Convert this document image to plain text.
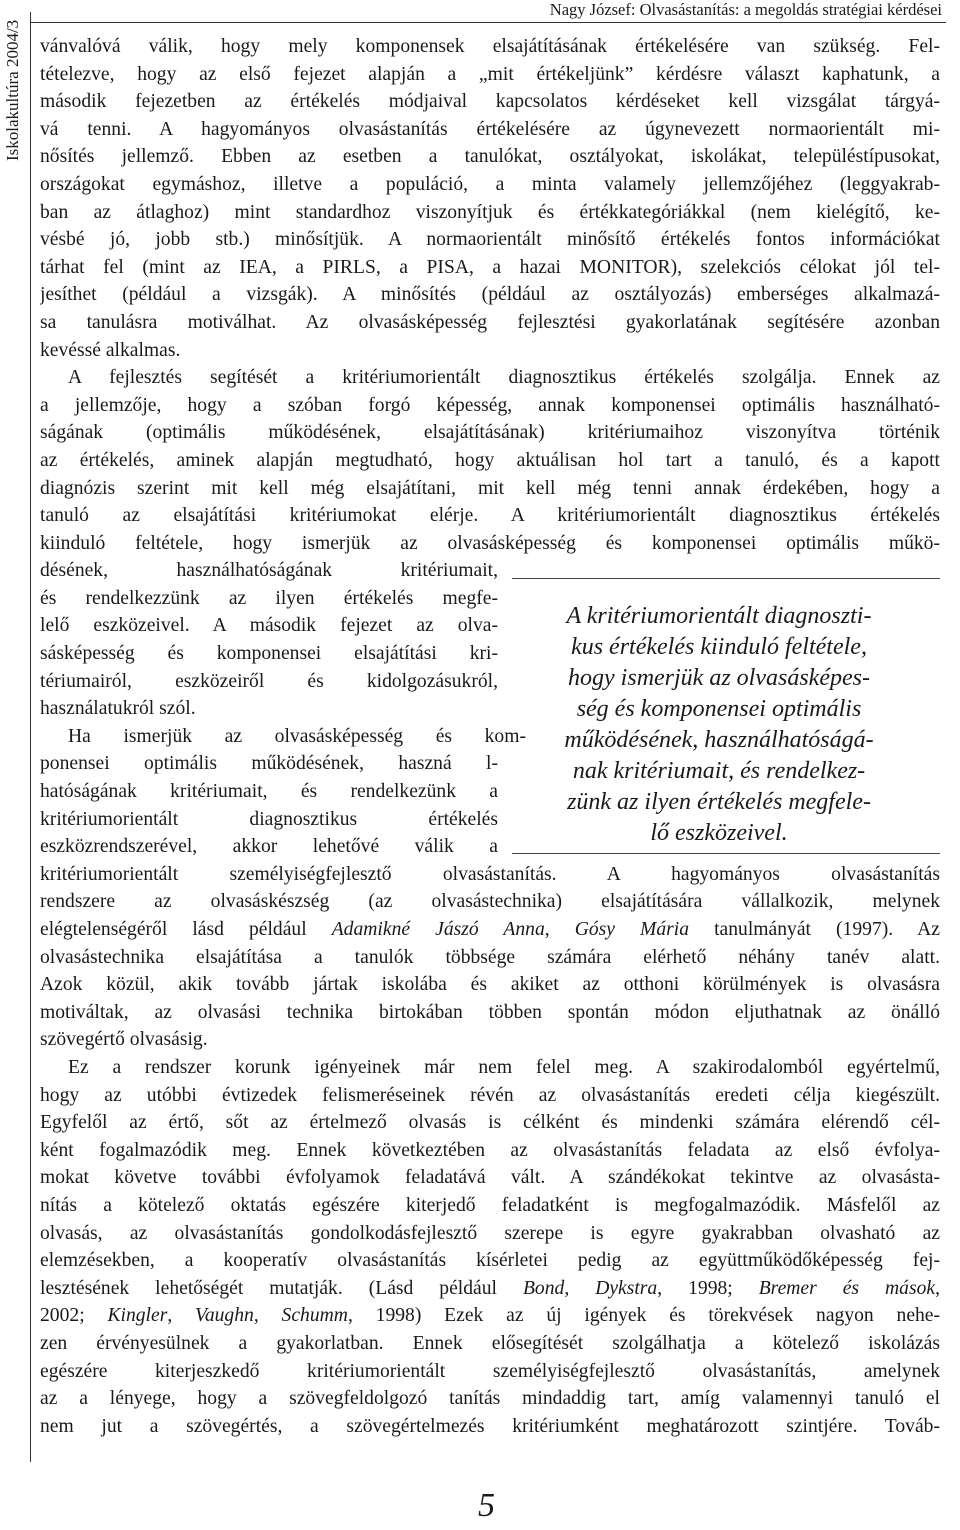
Iskolakultúra 2004/3
Nagy József: Olvasástanítás: a megoldás stratégiai kérdései
vánvalóvá válik, hogy mely komponensek elsajátításának értékelésére van szükség. Fel-
tételezve, hogy az első fejezet alapján a „mit értékeljünk” kérdésre választ kaphatunk, a
második fejezetben az értékelés módjaival kapcsolatos kérdéseket kell vizsgálat tárgyá-
vá tenni. A hagyományos olvasástanítás értékelésére az úgynevezett normaorientált mi-
nősítés jellemző. Ebben az esetben a tanulókat, osztályokat, iskolákat, településtípusokat,
országokat egymáshoz, illetve a populáció, a minta valamely jellemzőjéhez (leggyakrab-
ban az átlaghoz) mint standardhoz viszonyítjuk és értékkategóriákkal (nem kielégítő, ke-
vésbé jó, jobb stb.) minősítjük. A normaorientált minősítő értékelés fontos információkat
tárhat fel (mint az IEA, a PIRLS, a PISA, a hazai MONITOR), szelekciós célokat jól tel-
jesíthet (például a vizsgák). A minősítés (például az osztályozás) emberséges alkalmazá-
sa tanulásra motiválhat. Az olvasásképesség fejlesztési gyakorlatának segítésére azonban
kevéssé alkalmas.
A fejlesztés segítését a kritériumorientált diagnosztikus értékelés szolgálja. Ennek az
a jellemzője, hogy a szóban forgó képesség, annak komponensei optimális használható-
ságának (optimális működésének, elsajátításának) kritériumaihoz viszonyítva történik
az értékelés, aminek alapján megtudható, hogy aktuálisan hol tart a tanuló, és a kapott
diagnózis szerint mit kell még elsajátítani, mit kell még tenni annak érdekében, hogy a
tanuló az elsajátítási kritériumokat elérje. A kritériumorientált diagnosztikus értékelés
kiinduló feltétele, hogy ismerjük az olvasásképesség és komponensei optimális műkö-
désének, használhatóságának kritériumait,
és rendelkezzünk az ilyen értékelés megfe-
lelő eszközeivel. A második fejezet az olva-
sásképesség és komponensei elsajátítási kri-
tériumairól, eszközeiről és kidolgozásukról,
használatukról szól.
Ha ismerjük az olvasásképesség és kom-
ponensei optimális működésének, haszná l-
hatóságának kritériumait, és rendelkezünk a
kritériumorientált diagnosztikus értékelés
eszközrendszerével, akkor lehetővé válik a
kritériumorientált személyiségfejlesztő olvasástanítás. A hagyományos olvasástanítás
rendszere az olvasáskészség (az olvasástechnika) elsajátítására vállalkozik, melynek
elégtelenségéről lásd például Adamikné Jászó Anna, Gósy Mária tanulmányát (1997). Az
olvasástechnika elsajátítása a tanulók többsége számára elérhető néhány tanév alatt.
Azok közül, akik tovább jártak iskolába és akiket az otthoni körülmények is olvasásra
motiváltak, az olvasási technika birtokában többen spontán módon eljuthatnak az önálló
szövegértő olvasásig.
Ez a rendszer korunk igényeinek már nem felel meg. A szakirodalomból egyértelmű,
hogy az utóbbi évtizedek felismeréseinek révén az olvasástanítás eredeti célja kiegészült.
Egyfelől az értő, sőt az értelmező olvasás is célként és mindenki számára elérendő cél-
ként fogalmazódik meg. Ennek következtében az olvasástanítás feladata az első évfolya-
mokat követve további évfolyamok feladatává vált. A szándékokat tekintve az olvasásta-
nítás a kötelező oktatás egészére kiterjedő feladatként is megfogalmazódik. Másfelől az
olvasás, az olvasástanítás gondolkodásfejlesztő szerepe is egyre gyakrabban olvasható az
elemzésekben, a kooperatív olvasástanítás kísérletei pedig az együttműködőképesség fej-
lesztésének lehetőségét mutatják. (Lásd például Bond, Dykstra, 1998; Bremer és mások,
2002; Kingler, Vaughn, Schumm, 1998) Ezek az új igények és törekvések nagyon nehe-
zen érvényesülnek a gyakorlatban. Ennek elősegítését szolgálhatja a kötelező iskolázás
egészére kiterjeszkedő kritériumorientált személyiségfejlesztő olvasástanítás, amelynek
az a lényege, hogy a szövegfeldolgozó tanítás mindaddig tart, amíg valamennyi tanuló el
nem jut a szövegértés, a szövegértelmezés kritériumként meghatározott szintjére. Továb-
A kritériumorientált diagnoszti-
kus értékelés kiinduló feltétele,
hogy ismerjük az olvasásképes-
ség és komponensei optimális
működésének, használhatóságá-
nak kritériumait, és rendelkez-
zünk az ilyen értékelés megfele-
lő eszközeivel.
5
